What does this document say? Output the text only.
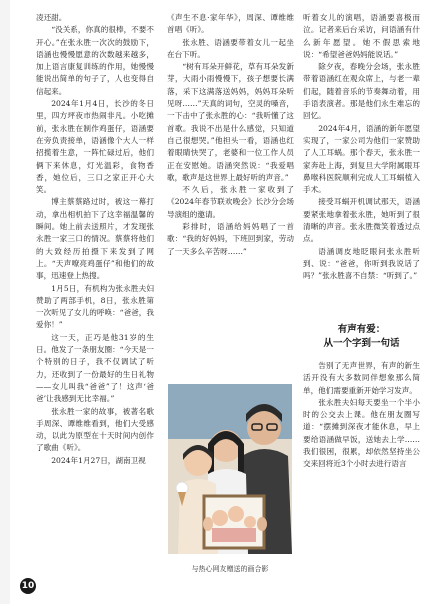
凌还甜。

“没关系，你真的很棒，不要不开心。”在张永胜一次次的鼓励下，语涵也慢慢愿意的次数越来越多，加上语言康复训练的作用，她慢慢能说出简单的句子了，人也变得自信起来。

2024年1月4日，长沙的冬日里，四方坪夜市热闹非凡。小吃摊前，张永胜在制作鸡蛋仔，语涵要在旁负责接单，语涵像个大人一样招揽着生意，一阵忙碌过后，他们俩下来休息，灯光温彩，食物香香，她位后，三口之家正开心大笑。

博主蔡蔡路过时，被这一幕打动，拿出相机拍下了这幸福温馨的瞬间。她上前去送照片，才发现张永胜一家三口的情况。蔡蔡将他们的大致经历拍摄下来发到了网上。“天声嘹亮鸡蛋仔”和他们的故事，迅速登上热搜。

1月5日，有机构为张永胜夫妇赞助了两部手机，8日，张永胜第一次听见了女儿的呼唤：“爸爸，我爱你！”

这一天，正巧是他31岁的生日。他发了一条朋友圈：“今天是一个特别的日子，我不仅调试了听力，还收到了一份最好的生日礼物——女儿叫我“爸爸”了！这声‘爸爸’让我感到无比幸福。”

张永胜一家的故事，被著名歌手周深、谭维维看到，他们大受感动，以此为原型在十天时间内创作了歌曲《听》。

2024年1月27日，湖南卫视

《声生不息·家年华》，周深、谭维维首唱《听》。

张永胜、语涵要带着女儿一起坐在台下听。

“树有耳朵开鲜花，草有耳朵发新芽，大雨小雨慢慢下，孩子想要长满落，采下这满落送妈妈，妈妈耳朵听见呀……”天真的词句，空灵的嗓音，一下击中了张永胜的心：“我听懂了这首歌。我说不出是什么感觉，只知道自己很想哭。”他担头一看，语涵也红着眼睛快哭了，老婆和一位工作人员正在安慰她。语涵突然说：“我爱唱歌，歌声是这世界上最好听的声音。”

不久后，张永胜一家收到了《2024年春节联欢晚会》长沙分会场导演组的邀请。

彩排时，语涵给妈妈唱了一首歌：“我的好妈妈，下班回到家，劳动了一天多么辛苦呀……”

听着女儿的演唱，语涵要喜极而泣。记者来后台采访，问语涵有什么新年愿望。她不假思索地说：“希望爸爸妈妈能说话。”

除夕夜，春晚分会场，张永胜带着语涵红在观众席上，与老一辈们起，随着音乐的节奏舞动着，用手语表演者。那是他们永生难忘的回忆。

2024年4月，语涵的新年愿望实现了，一家公司为他们一家赞助了人工耳蜗。那个春天，张永胜一家奔赴上海，到复旦大学附属眼耳鼻喉科医院顺利完成人工耳蜗植入手术。

接受耳蜗开机调试那天，语涵要紧张地拿着张永胜，她听到了很清晰的声音。张永胜微笑着透过点点。

语涵调皮地眨眼问张永胜听到、说：“爸爸，你听到我说话了吗？”张永胜喜不自禁：“听到了。”

与热心网友赠送的画合影
有声有爱：
从一个字到一句话
10

告别了无声世界，有声的新生活开没有大多数同伴想象那么简单，他们需要重新开始学习发声。

张永胜夫妇每天要坐一个半小时的公交去上课。他在朋友圈写道：“摆摊到深夜才能休息，早上要给语涵做早饭，送她去上学……我们很困，很累，却依然坚持坐公交来回将近3个小时去进行语言
